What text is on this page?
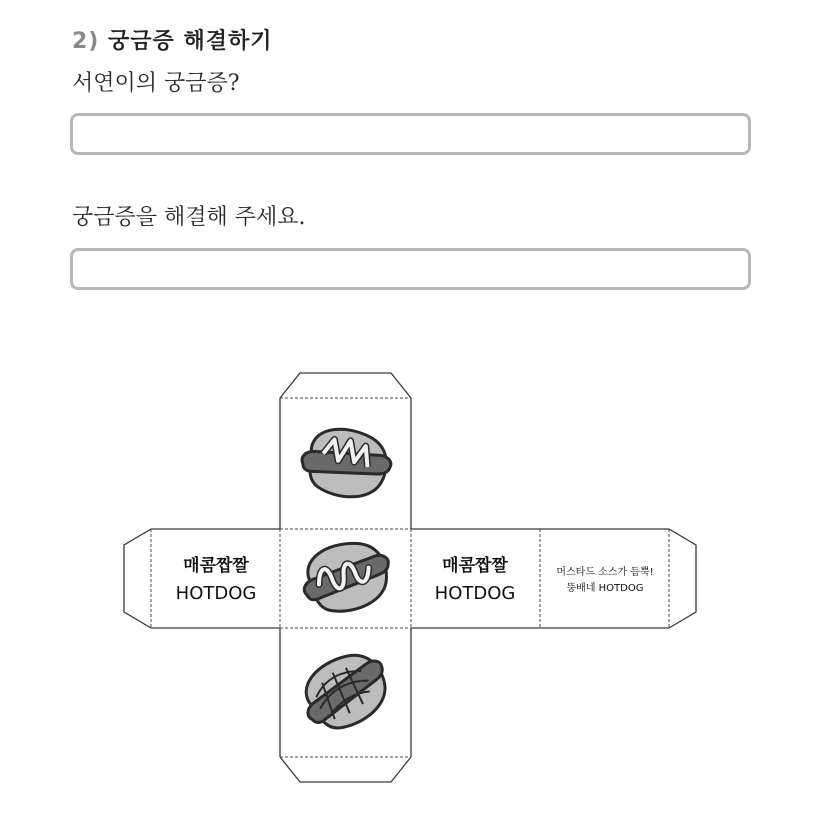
2) 궁금증 해결하기
서연이의 궁금증?
궁금증을 해결해 주세요.
매콤짭짤
HOTDOG
매콤짭짤
HOTDOG
머스타드 소스가 듬뿍!
뚱배네 HOTDOG
